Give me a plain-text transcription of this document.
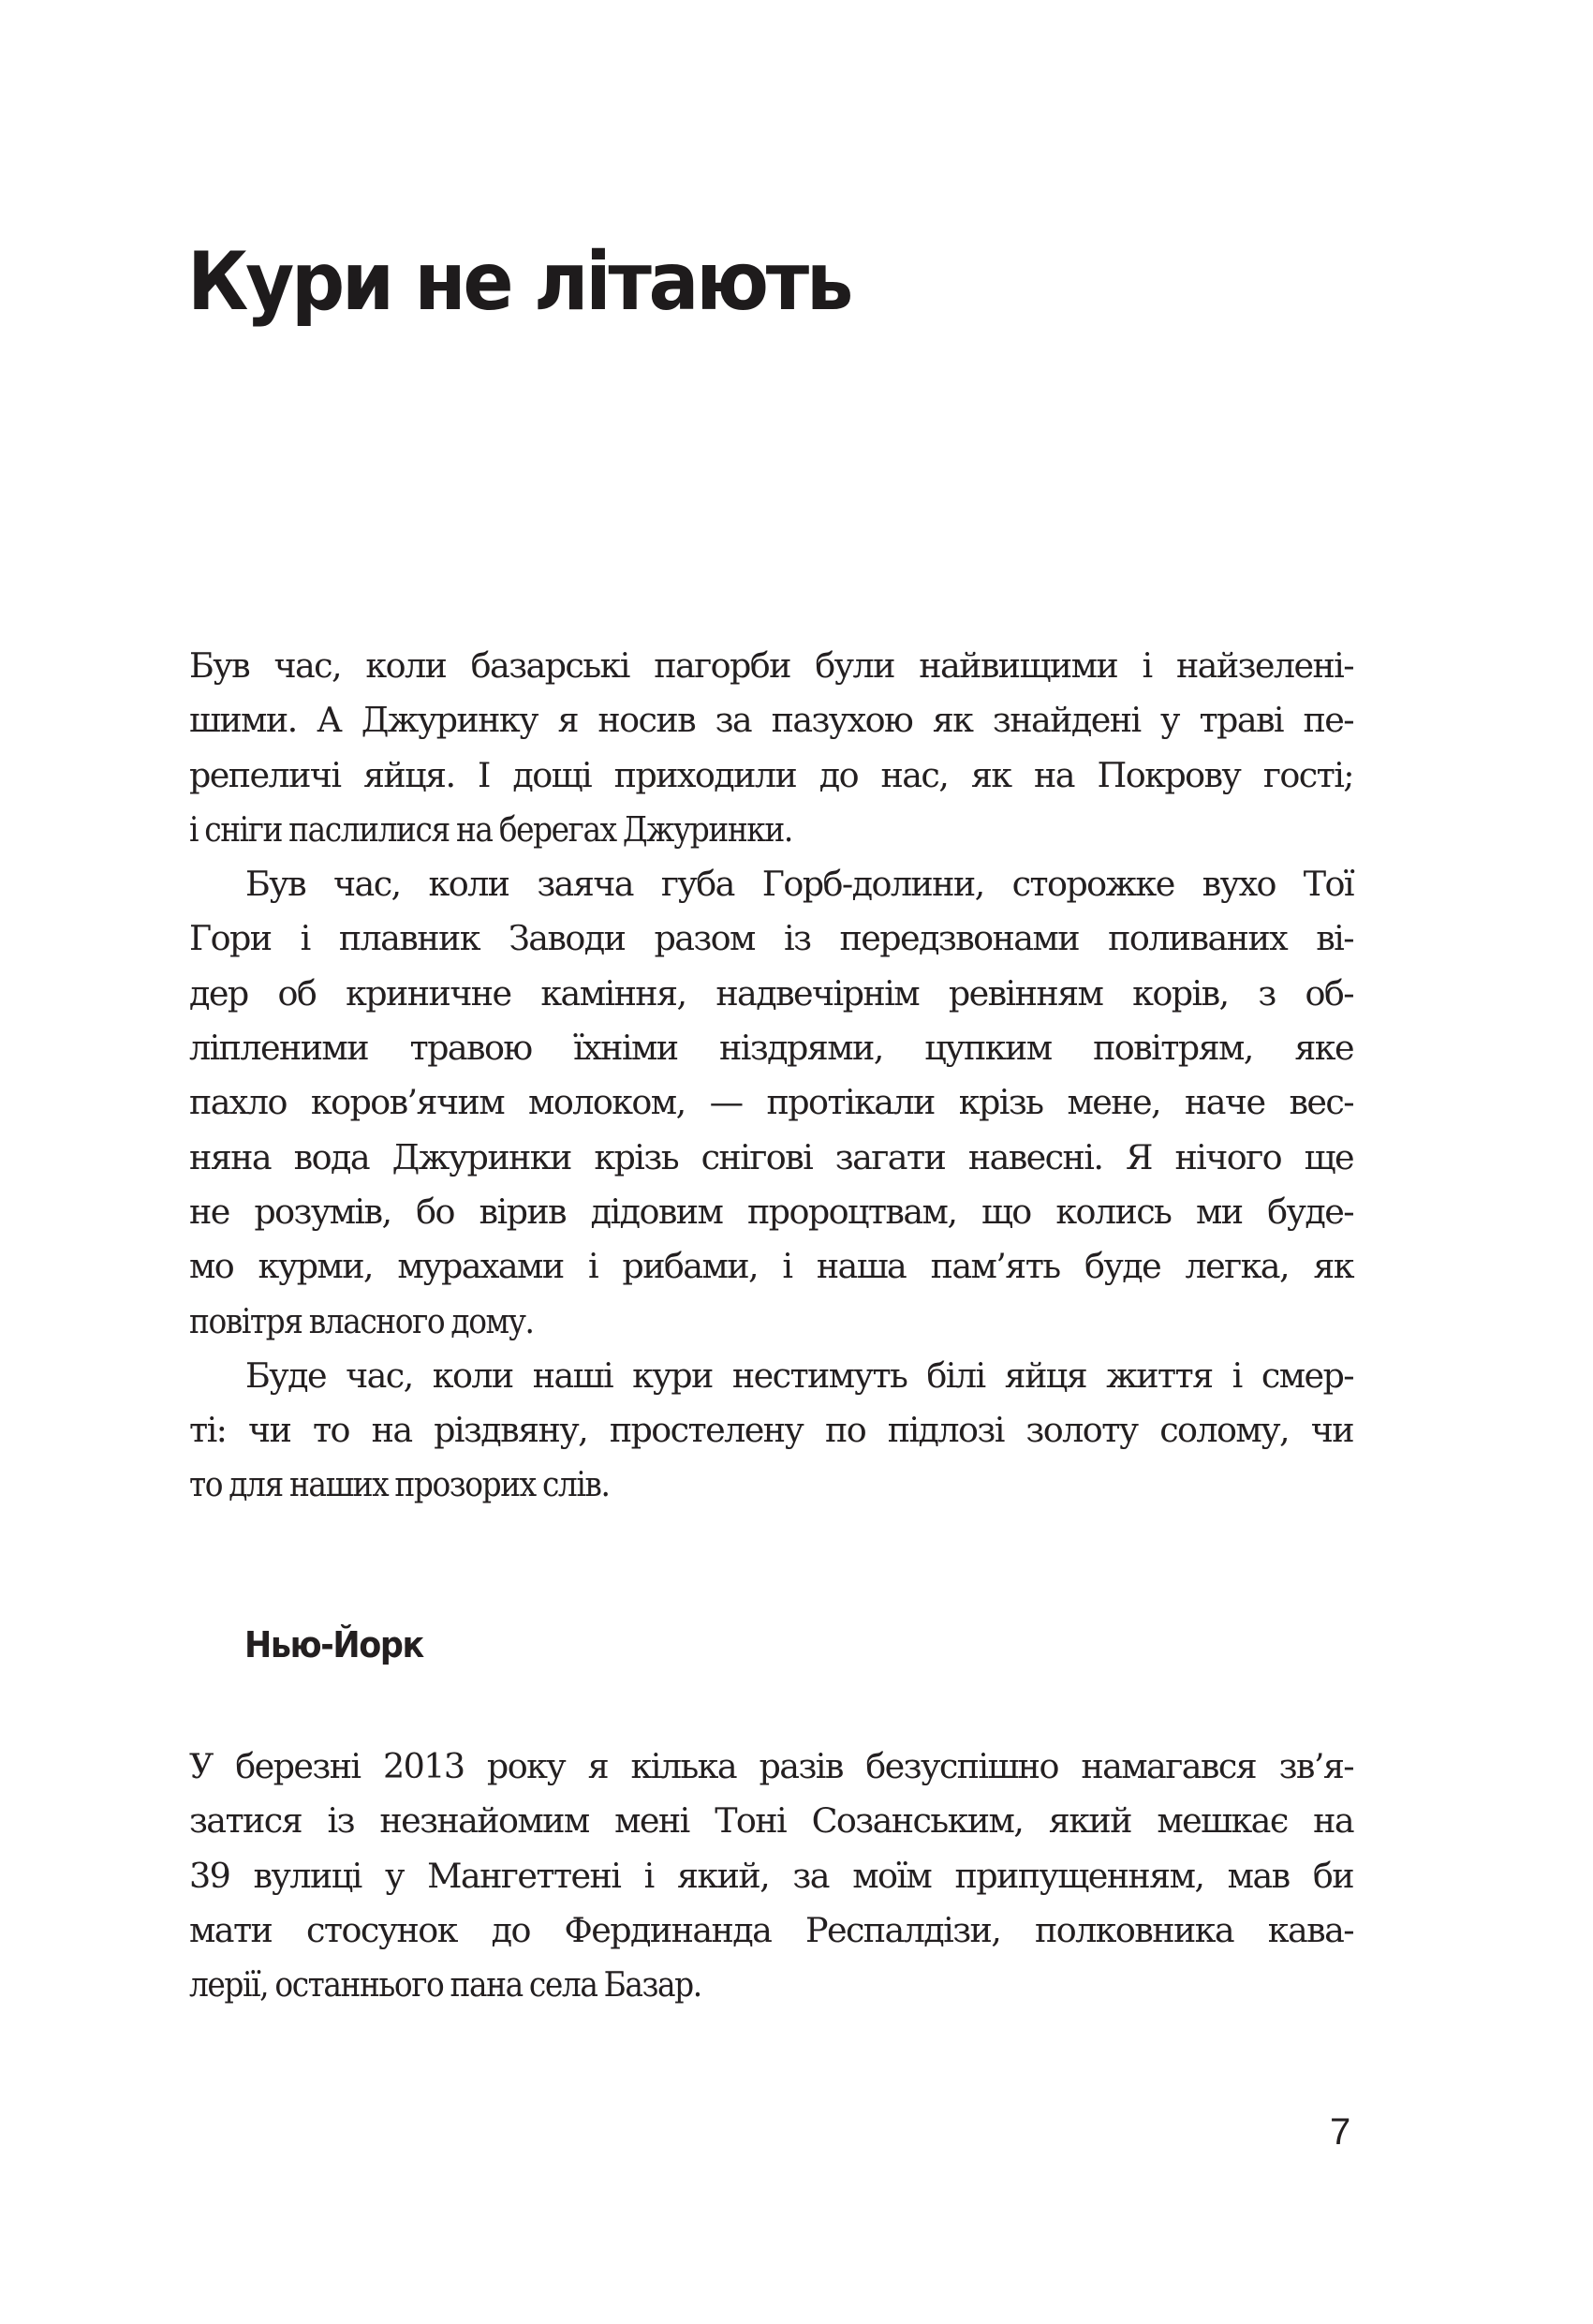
Кури не літають
Був час, коли базарські пагорби були найвищими і найзелені-
шими. А Джуринку я носив за пазухою як знайдені у траві пе-
репеличі яйця. І дощі приходили до нас, як на Покрову гості;
і сніги паслилися на берегах Джуринки.
Був час, коли заяча губа Горб-долини, сторожке вухо Тої
Гори і плавник Заводи разом із передзвонами поливаних ві-
дер об криничне каміння, надвечірнім ревінням корів, з об-
ліпленими травою їхніми ніздрями, цупким повітрям, яке
пахло коров’ячим молоком, — протікали крізь мене, наче вес-
няна вода Джуринки крізь снігові загати навесні. Я нічого ще
не розумів, бо вірив дідовим пророцтвам, що колись ми буде-
мо курми, мурахами і рибами, і наша пам’ять буде легка, як
повітря власного дому.
Буде час, коли наші кури нестимуть білі яйця життя і смер-
ті: чи то на різдвяну, простелену по підлозі золоту солому, чи
то для наших прозорих слів.
Нью-Йорк
У березні 2013 року я кілька разів безуспішно намагався зв’я-
затися із незнайомим мені Тоні Созанським, який мешкає на
39 вулиці у Мангеттені і який, за моїм припущенням, мав би
мати стосунок до Фердинанда Респалдізи, полковника кава-
лерії, останнього пана села Базар.
7
